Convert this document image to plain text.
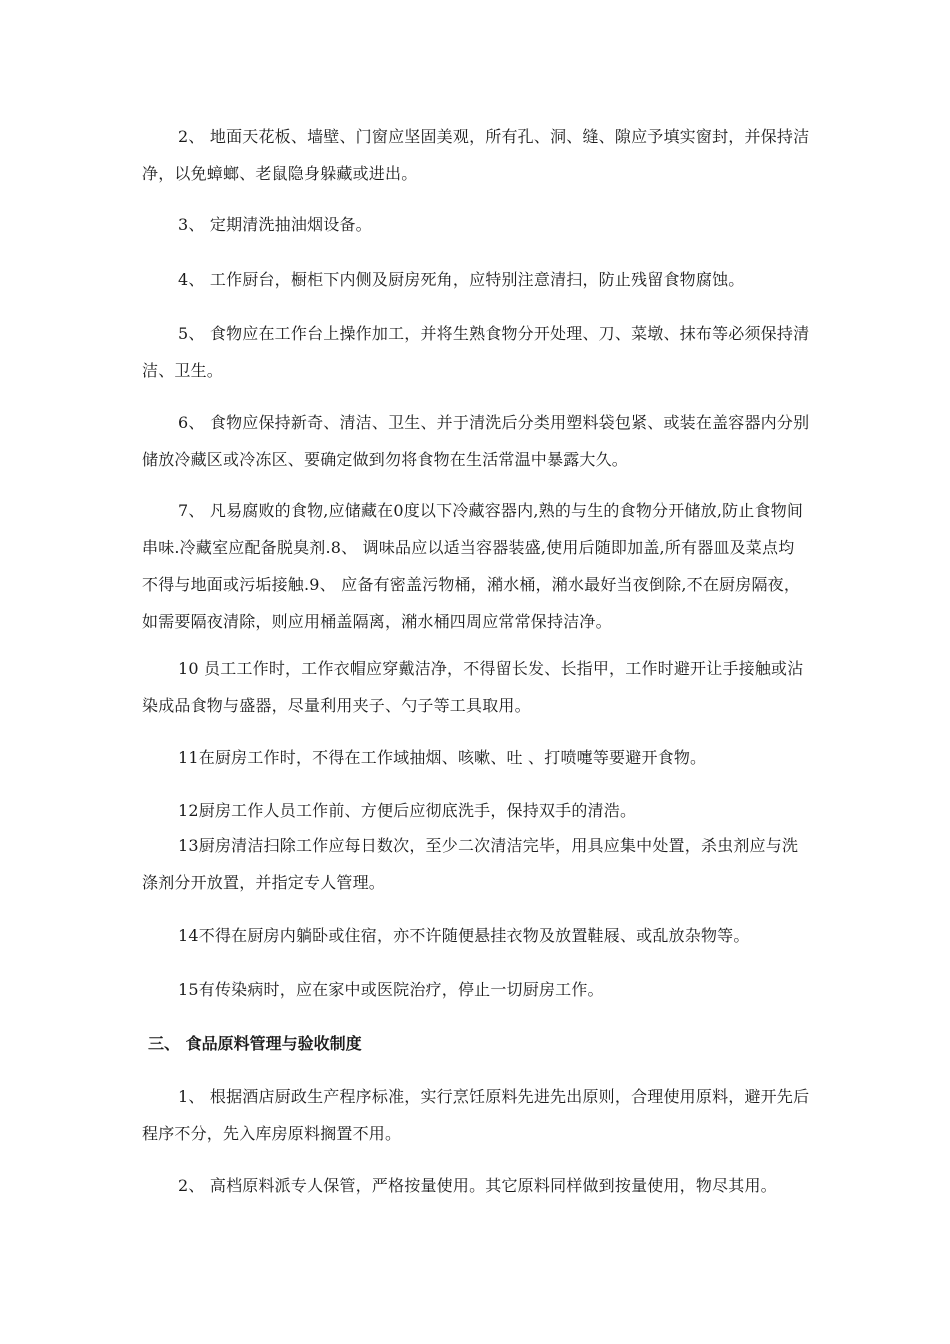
2、 地面天花板、墙壁、门窗应坚固美观，所有孔、洞、缝、隙应予填实窗封，并保持洁净，以免蟑螂、老鼠隐身躲藏或进出。

3、 定期清洗抽油烟设备。

4、 工作厨台，橱柜下内侧及厨房死角，应特别注意清扫，防止残留食物腐蚀。

5、 食物应在工作台上操作加工，并将生熟食物分开处理、刀、菜墩、抹布等必须保持清洁、卫生。

6、 食物应保持新奇、清洁、卫生、并于清洗后分类用塑料袋包紧、或装在盖容器内分别储放冷藏区或冷冻区、要确定做到勿将食物在生活常温中暴露大久。

7、 凡易腐败的食物,应储藏在0度以下冷藏容器内,熟的与生的食物分开储放,防止食物间串味.冷藏室应配备脱臭剂.8、 调味品应以适当容器装盛,使用后随即加盖,所有器皿及菜点均不得与地面或污垢接触.9、 应备有密盖污物桶，潲水桶，潲水最好当夜倒除,不在厨房隔夜，如需要隔夜清除，则应用桶盖隔离，潲水桶四周应常常保持洁净。

10 员工工作时，工作衣帽应穿戴洁净，不得留长发、长指甲，工作时避开让手接触或沾染成品食物与盛器，尽量利用夹子、勺子等工具取用。

11在厨房工作时，不得在工作域抽烟、咳嗽、吐 、打喷嚏等要避开食物。

12厨房工作人员工作前、方便后应彻底洗手，保持双手的清浩。

13厨房清洁扫除工作应每日数次，至少二次清洁完毕，用具应集中处置，杀虫剂应与洗涤剂分开放置，并指定专人管理。

14不得在厨房内躺卧或住宿，亦不许随便悬挂衣物及放置鞋屐、或乱放杂物等。

15有传染病时，应在家中或医院治疗，停止一切厨房工作。

三、 食品原料管理与验收制度

1、 根据酒店厨政生产程序标准，实行烹饪原料先进先出原则，合理使用原料，避开先后程序不分，先入库房原料搁置不用。

2、 高档原料派专人保管，严格按量使用。其它原料同样做到按量使用，物尽其用。
